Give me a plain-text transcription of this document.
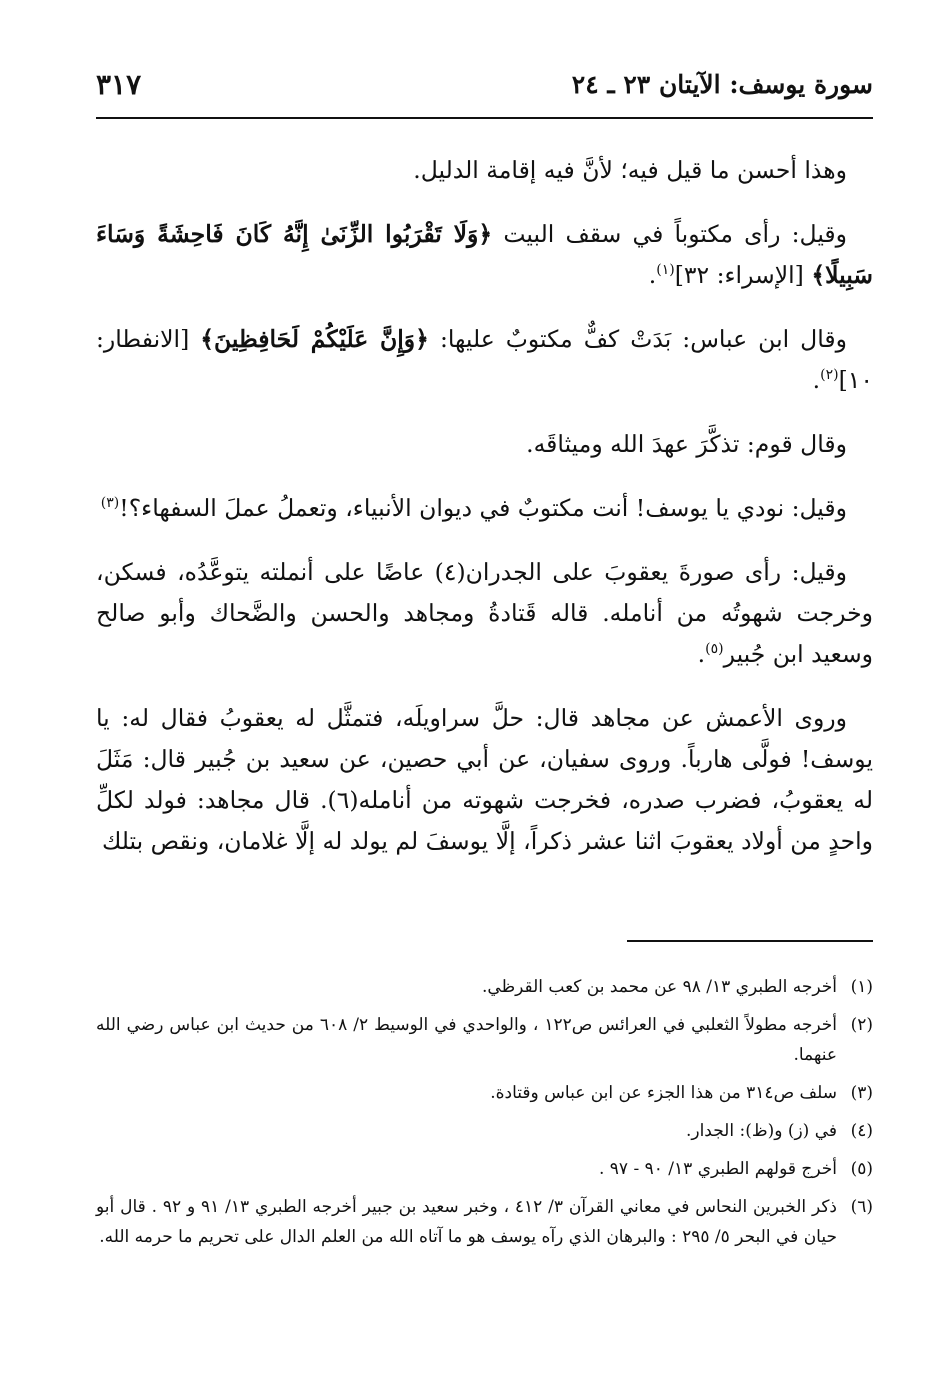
سورة يوسف: الآيتان ٢٣ ـ ٢٤
٣١٧

وهذا أحسن ما قيل فيه؛ لأنَّ فيه إقامة الدليل.

وقيل: رأى مكتوباً في سقف البيت ﴿وَلَا تَقْرَبُوا الزِّنَىٰ إِنَّهُ كَانَ فَاحِشَةً وَسَاءَ سَبِيلًا﴾ [الإسراء: ٣٢]$^{(١)}$.

وقال ابن عباس: بَدَتْ كفٌّ مكتوبٌ عليها: ﴿وَإِنَّ عَلَيْكُمْ لَحَافِظِينَ﴾ [الانفطار: ١٠]$^{(٢)}$.

وقال قوم: تذكَّرَ عهدَ الله وميثاقَه.

وقيل: نودي يا يوسف! أنت مكتوبٌ في ديوان الأنبياء، وتعملُ عملَ السفهاء؟!$^{(٣)}$

وقيل: رأى صورةَ يعقوبَ على الجدران(٤) عاضًا على أنملته يتوعَّدُه، فسكن، وخرجت شهوتُه من أنامله. قاله قَتادةُ ومجاهد والحسن والضَّحاك وأبو صالح وسعيد ابن جُبير$^{(٥)}$.

وروى الأعمش عن مجاهد قال: حلَّ سراويلَه، فتمثَّل له يعقوبُ فقال له: يا يوسف! فولَّى هارباً. وروى سفيان، عن أبي حصين، عن سعيد بن جُبير قال: مَثَلَ له يعقوبُ، فضرب صدره، فخرجت شهوته من أنامله(٦). قال مجاهد: فولد لكلِّ واحدٍ من أولاد يعقوبَ اثنا عشر ذكراً، إلَّا يوسفَ لم يولد له إلَّا غلامان، ونقص بتلك

(١)
أخرجه الطبري ١٣/ ٩٨ عن محمد بن كعب القرظي.
(٢)
أخرجه مطولاً الثعلبي في العرائس ص١٢٢ ، والواحدي في الوسيط ٢/ ٦٠٨ من حديث ابن عباس رضي الله عنهما.
(٣)
سلف ص٣١٤ من هذا الجزء عن ابن عباس وقتادة.
(٤)
في (ز) و(ظ): الجدار.
(٥)
أخرج قولهم الطبري ١٣/ ٩٠ - ٩٧ .
(٦)
ذكر الخبرين النحاس في معاني القرآن ٣/ ٤١٢ ، وخبر سعيد بن جبير أخرجه الطبري ١٣/ ٩١ و ٩٢ . قال أبو حيان في البحر ٥/ ٢٩٥ : والبرهان الذي رآه يوسف هو ما آتاه الله من العلم الدال على تحريم ما حرمه الله.
